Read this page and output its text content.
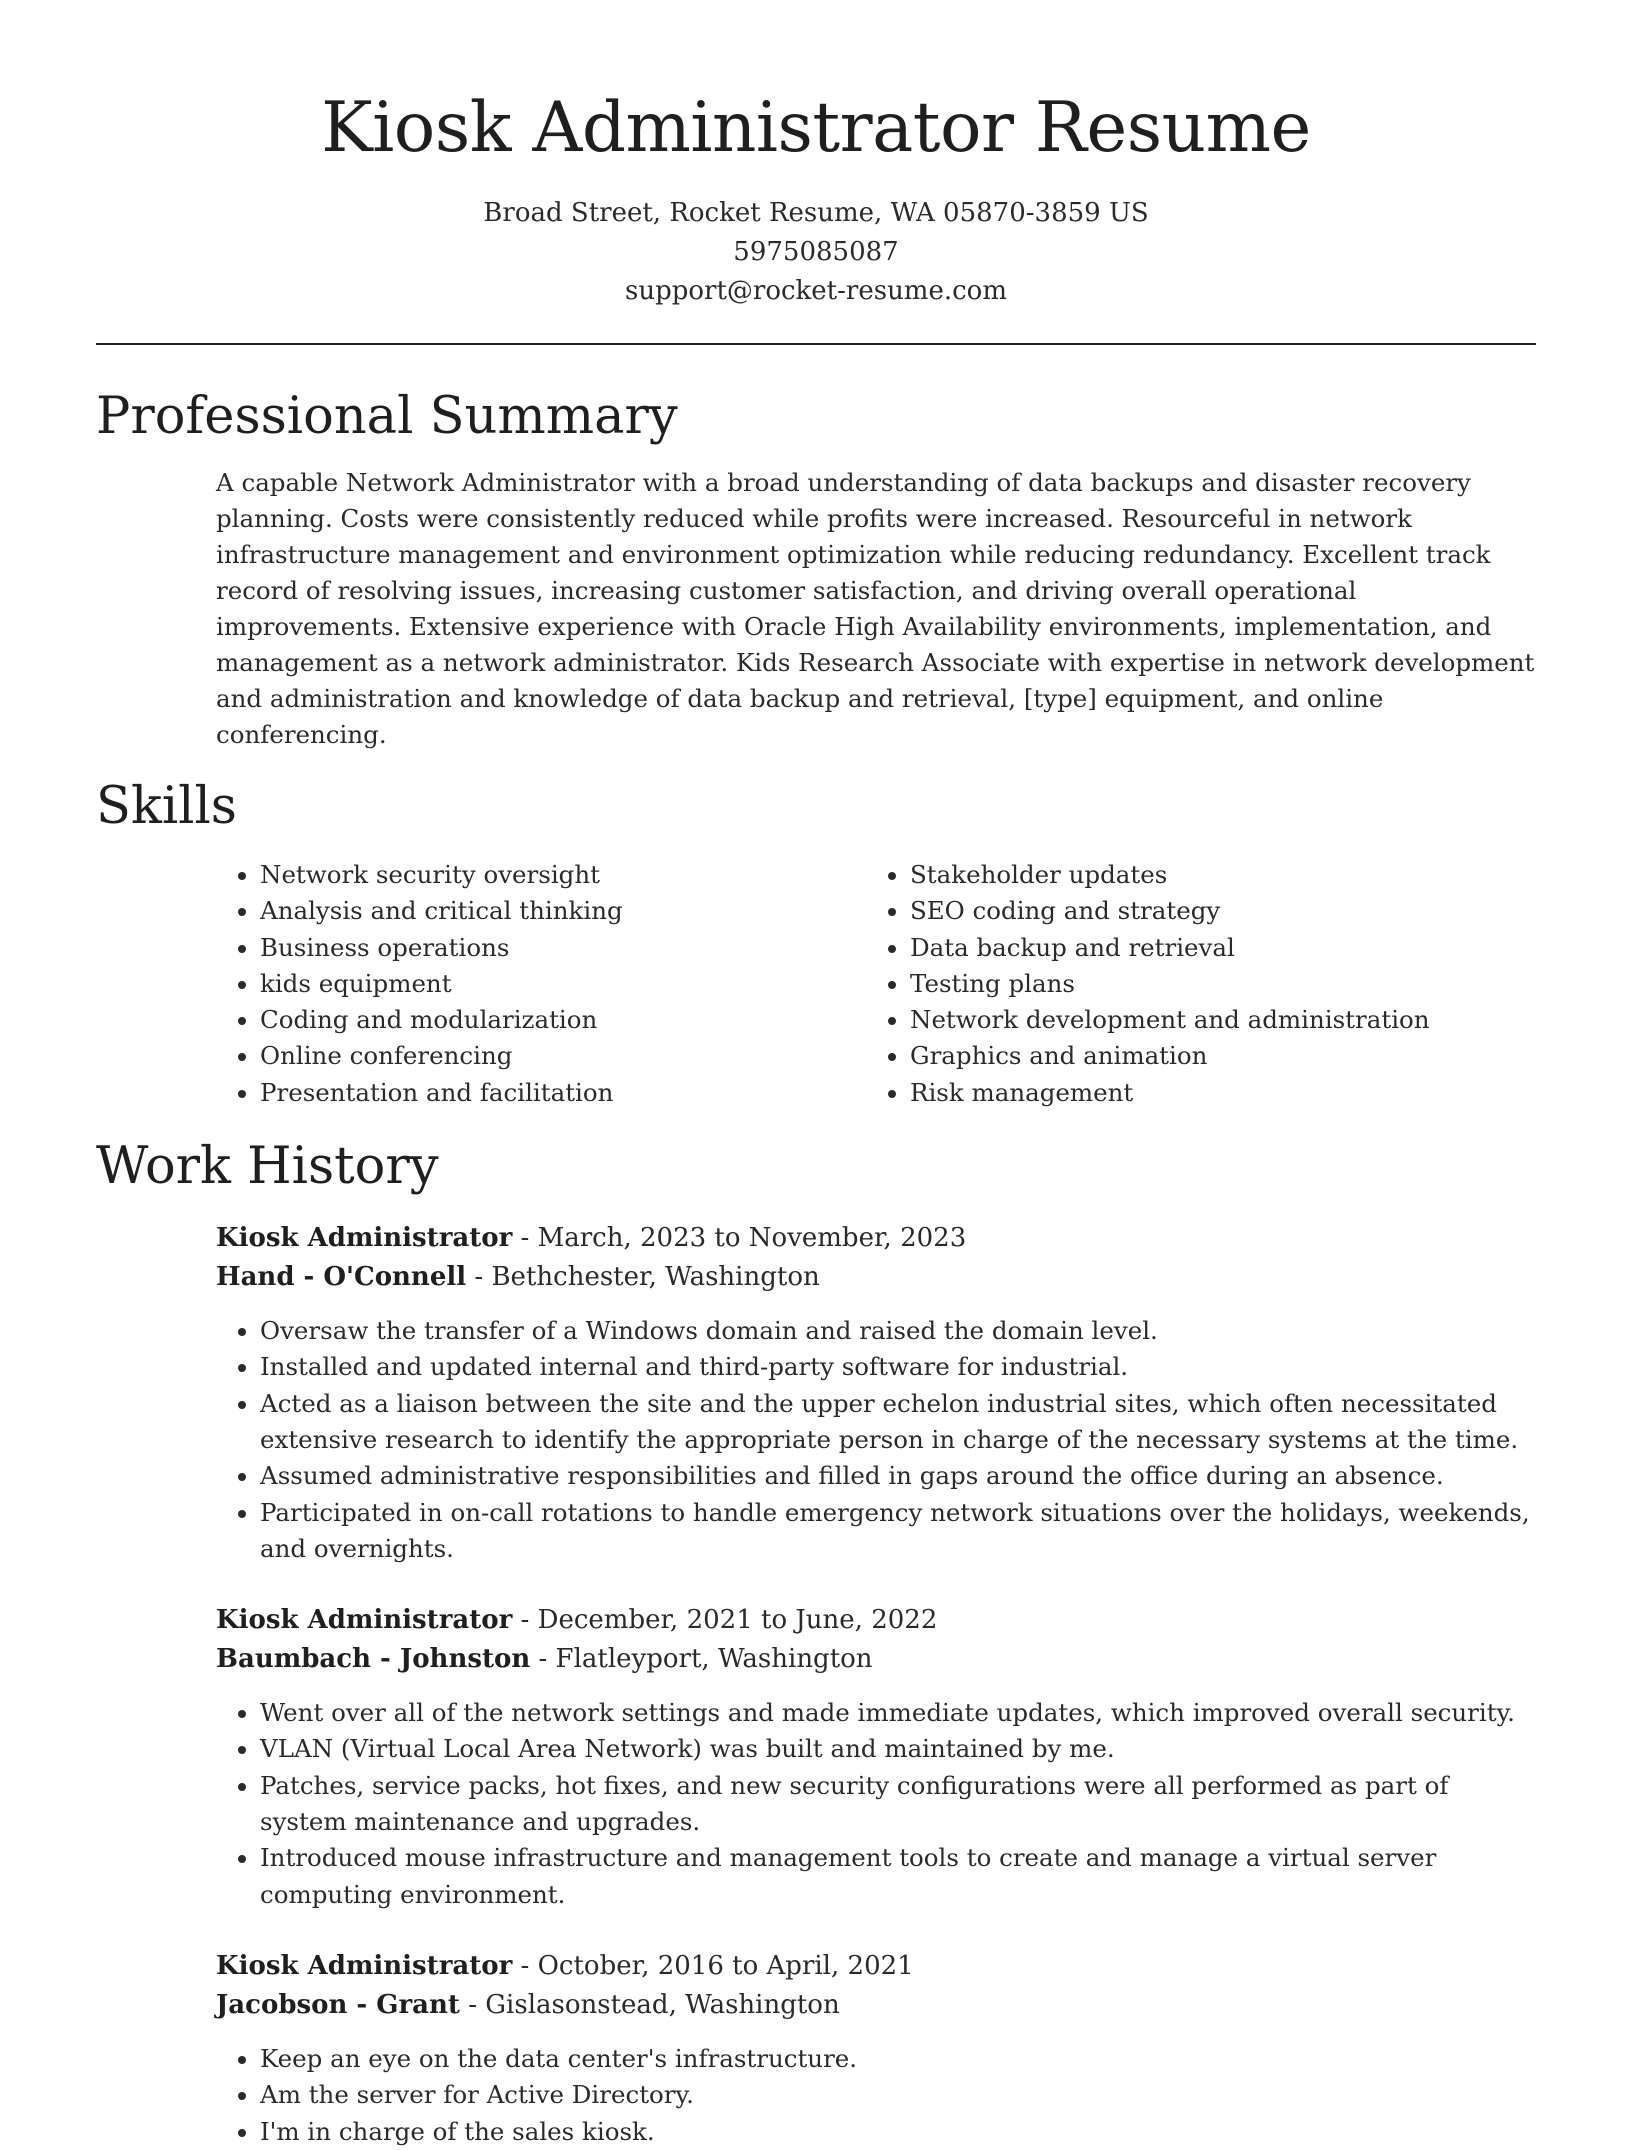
Kiosk Administrator Resume
Broad Street, Rocket Resume, WA 05870-3859 US
5975085087
support@rocket-resume.com
Professional Summary

A capable Network Administrator with a broad understanding of data backups and disaster recovery planning. Costs were consistently reduced while profits were increased. Resourceful in network infrastructure management and environment optimization while reducing redundancy. Excellent track record of resolving issues, increasing customer satisfaction, and driving overall operational improvements. Extensive experience with Oracle High Availability environments, implementation, and management as a network administrator. Kids Research Associate with expertise in network development and administration and knowledge of data backup and retrieval, [type] equipment, and online conferencing.

Skills
• Network security oversight
• Analysis and critical thinking
• Business operations
• kids equipment
• Coding and modularization
• Online conferencing
• Presentation and facilitation
• Stakeholder updates
• SEO coding and strategy
• Data backup and retrieval
• Testing plans
• Network development and administration
• Graphics and animation
• Risk management
Work History
Kiosk Administrator - March, 2023 to November, 2023
Hand - O'Connell - Bethchester, Washington
• Oversaw the transfer of a Windows domain and raised the domain level.
• Installed and updated internal and third-party software for industrial.
• Acted as a liaison between the site and the upper echelon industrial sites, which often necessitated extensive research to identify the appropriate person in charge of the necessary systems at the time.
• Assumed administrative responsibilities and filled in gaps around the office during an absence.
• Participated in on-call rotations to handle emergency network situations over the holidays, weekends, and overnights.
Kiosk Administrator - December, 2021 to June, 2022
Baumbach - Johnston - Flatleyport, Washington
• Went over all of the network settings and made immediate updates, which improved overall security.
• VLAN (Virtual Local Area Network) was built and maintained by me.
• Patches, service packs, hot fixes, and new security configurations were all performed as part of system maintenance and upgrades.
• Introduced mouse infrastructure and management tools to create and manage a virtual server computing environment.
Kiosk Administrator - October, 2016 to April, 2021
Jacobson - Grant - Gislasonstead, Washington
• Keep an eye on the data center's infrastructure.
• Am the server for Active Directory.
• I'm in charge of the sales kiosk.
